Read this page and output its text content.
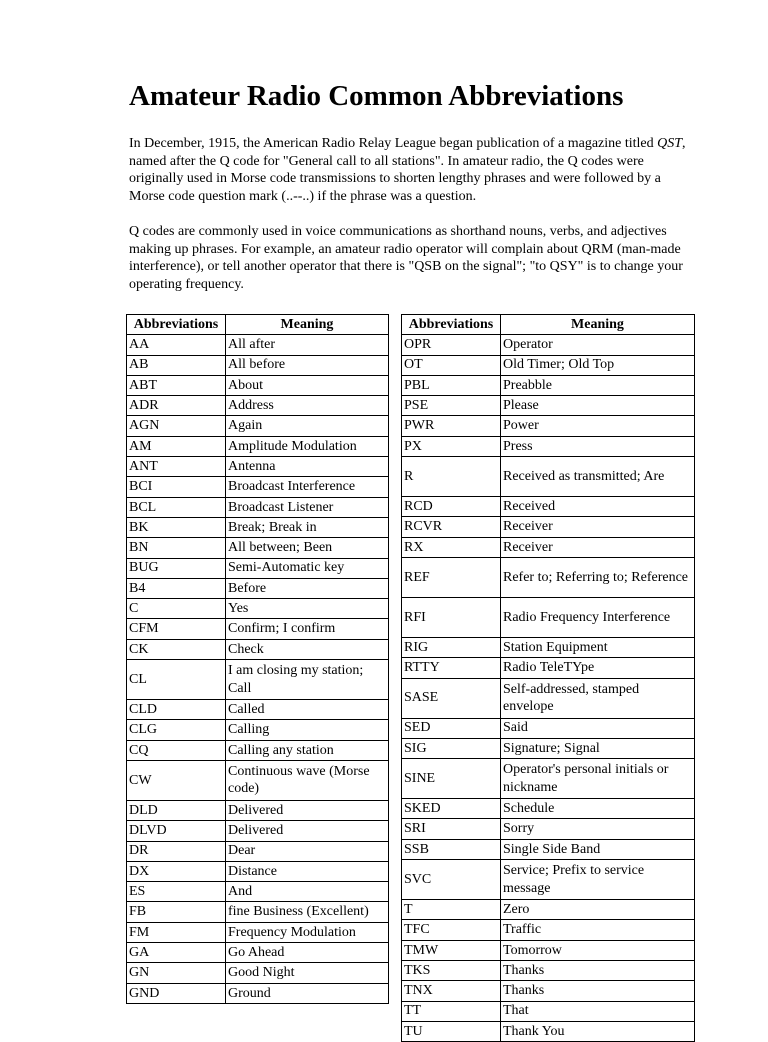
Amateur Radio Common Abbreviations

In December, 1915, the American Radio Relay League began publication of a magazine titled QST, named after the Q code for "General call to all stations". In amateur radio, the Q codes were originally used in Morse code transmissions to shorten lengthy phrases and were followed by a Morse code question mark (..--..) if the phrase was a question.

Q codes are commonly used in voice communications as shorthand nouns, verbs, and adjectives making up phrases. For example, an amateur radio operator will complain about QRM (man-made interference), or tell another operator that there is "QSB on the signal"; "to QSY" is to change your operating frequency.

Abbreviations	Meaning
AA	All after
AB	All before
ABT	About
ADR	Address
AGN	Again
AM	Amplitude Modulation
ANT	Antenna
BCI	Broadcast Interference
BCL	Broadcast Listener
BK	Break; Break in
BN	All between; Been
BUG	Semi-Automatic key
B4	Before
C	Yes
CFM	Confirm; I confirm
CK	Check
CL	I am closing my station; Call
CLD	Called
CLG	Calling
CQ	Calling any station
CW	Continuous wave (Morse code)
DLD	Delivered
DLVD	Delivered
DR	Dear
DX	Distance
ES	And
FB	fine Business (Excellent)
FM	Frequency Modulation
GA	Go Ahead
GN	Good Night
GND	Ground
Abbreviations	Meaning
OPR	Operator
OT	Old Timer; Old Top
PBL	Preabble
PSE	Please
PWR	Power
PX	Press
R	Received as transmitted; Are
RCD	Received
RCVR	Receiver
RX	Receiver
REF	Refer to; Referring to; Reference
RFI	Radio Frequency Interference
RIG	Station Equipment
RTTY	Radio TeleTYpe
SASE	Self-addressed, stamped envelope
SED	Said
SIG	Signature; Signal
SINE	Operator's personal initials or nickname
SKED	Schedule
SRI	Sorry
SSB	Single Side Band
SVC	Service; Prefix to service message
T	Zero
TFC	Traffic
TMW	Tomorrow
TKS	Thanks
TNX	Thanks
TT	That
TU	Thank You
